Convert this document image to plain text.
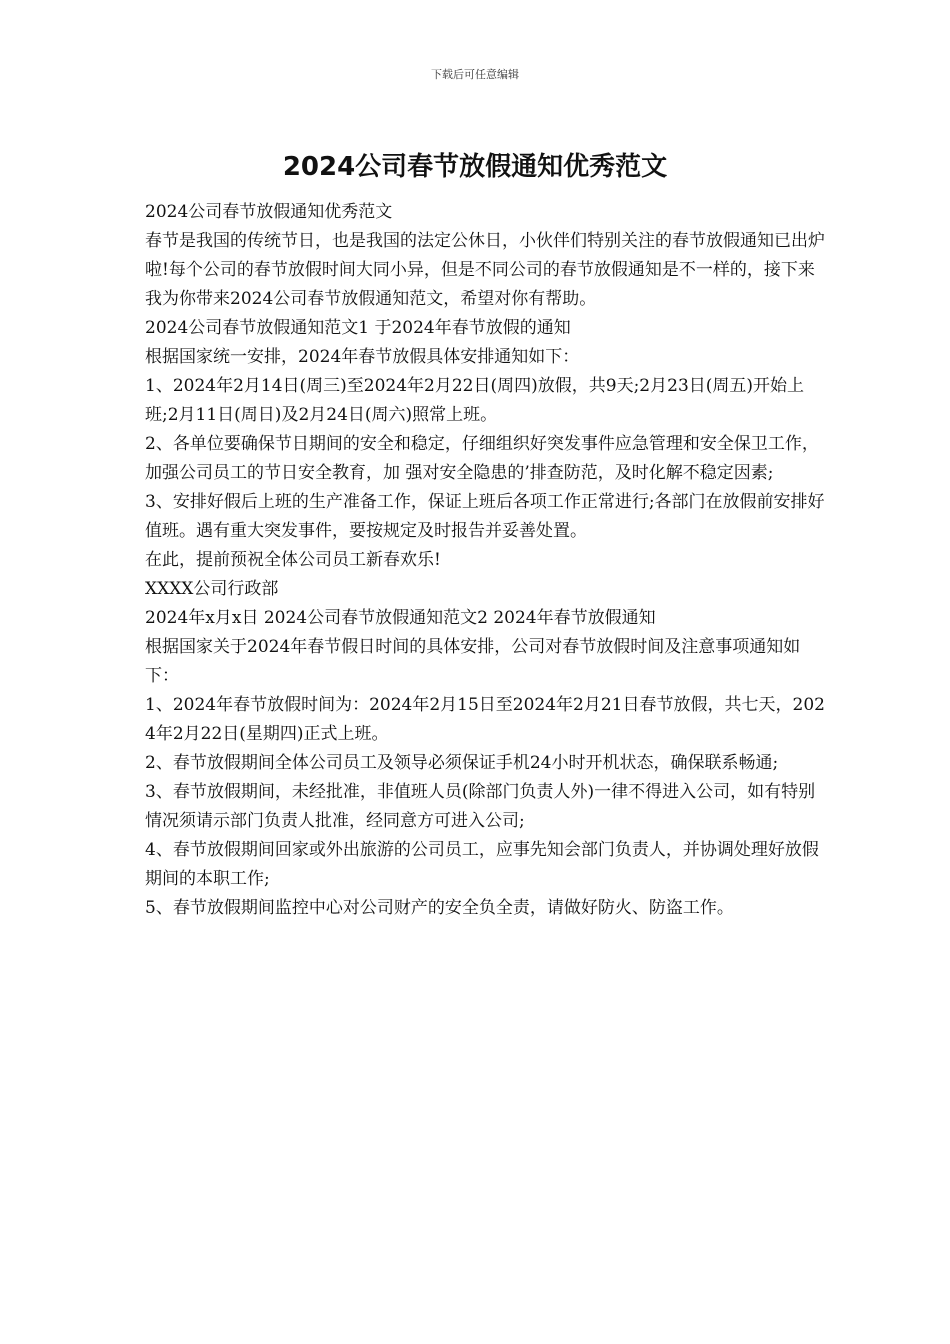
下载后可任意编辑
2024公司春节放假通知优秀范文

2024公司春节放假通知优秀范文

春节是我国的传统节日，也是我国的法定公休日，小伙伴们特别关注的春节放假通知已出炉啦!每个公司的春节放假时间大同小异，但是不同公司的春节放假通知是不一样的，接下来我为你带来2024公司春节放假通知范文，希望对你有帮助。

2024公司春节放假通知范文1 于2024年春节放假的通知

根据国家统一安排，2024年春节放假具体安排通知如下：

1、2024年2月14日(周三)至2024年2月22日(周四)放假，共9天;2月23日(周五)开始上班;2月11日(周日)及2月24日(周六)照常上班。

2、各单位要确保节日期间的安全和稳定，仔细组织好突发事件应急管理和安全保卫工作，加强公司员工的节日安全教育，加 强对安全隐患的’排查防范，及时化解不稳定因素;

3、安排好假后上班的生产准备工作，保证上班后各项工作正常进行;各部门在放假前安排好值班。遇有重大突发事件，要按规定及时报告并妥善处置。

在此，提前预祝全体公司员工新春欢乐!

XXXX公司行政部

2024年x月x日 2024公司春节放假通知范文2 2024年春节放假通知

根据国家关于2024年春节假日时间的具体安排，公司对春节放假时间及注意事项通知如下：

1、2024年春节放假时间为：2024年2月15日至2024年2月21日春节放假，共七天，2024年2月22日(星期四)正式上班。

2、春节放假期间全体公司员工及领导必须保证手机24小时开机状态，确保联系畅通;

3、春节放假期间，未经批准，非值班人员(除部门负责人外)一律不得进入公司，如有特别情况须请示部门负责人批准，经同意方可进入公司;

4、春节放假期间回家或外出旅游的公司员工，应事先知会部门负责人，并协调处理好放假期间的本职工作;

5、春节放假期间监控中心对公司财产的安全负全责，请做好防火、防盗工作。
